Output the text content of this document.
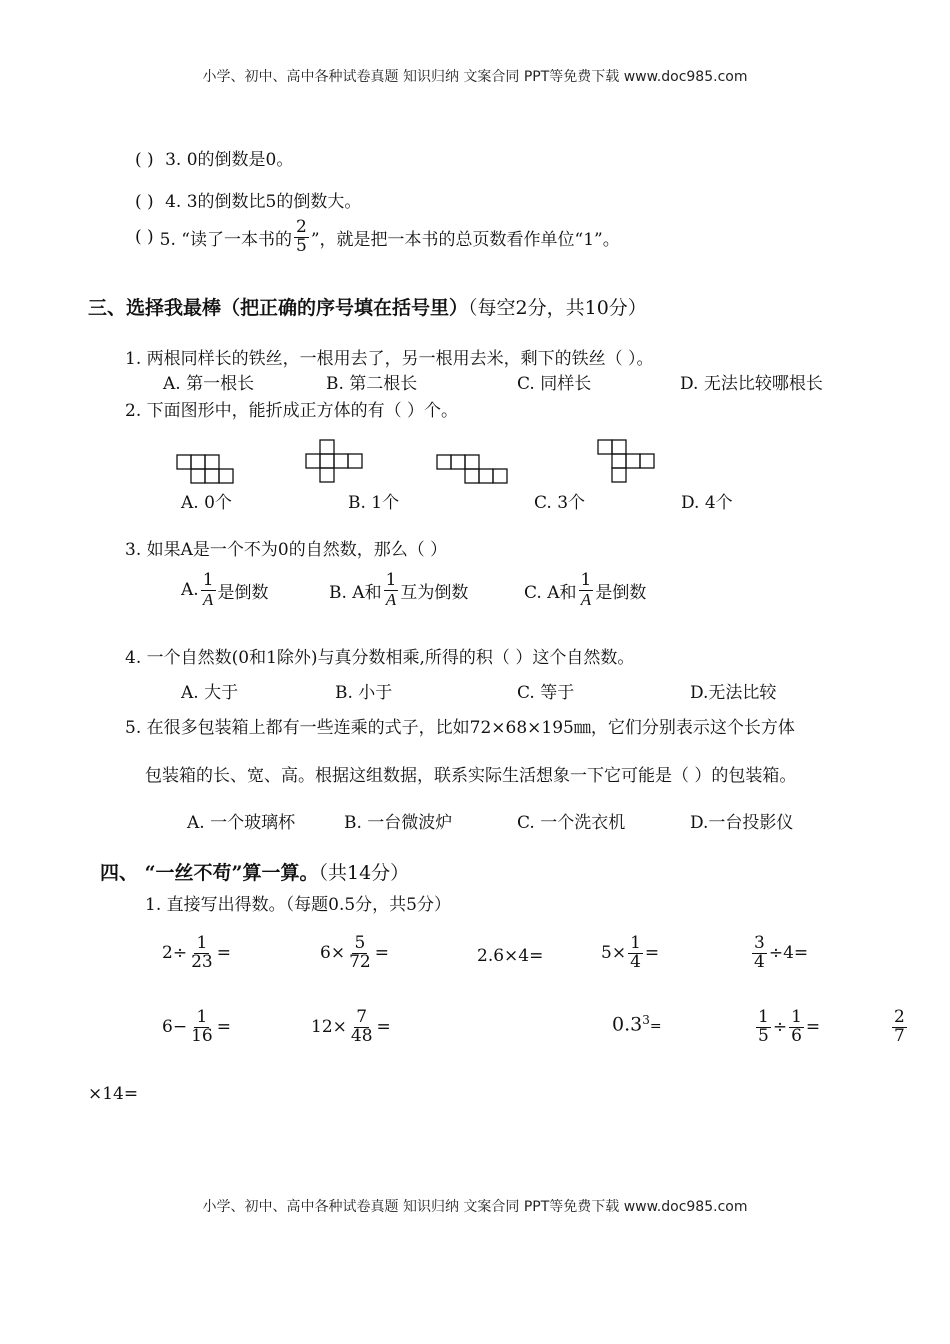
小学、初中、高中各种试卷真题 知识归纳 文案合同 PPT等免费下载 www.doc985.com
( ) 3. 0的倒数是0。
( ) 4. 3的倒数比5的倒数大。
( ) 5. “读了一本书的 $\frac{2}{5}$ ”，就是把一本书的总页数看作单位“1”。
三、选择我最棒（把正确的序号填在括号里）（每空2分，共10分）
1. 两根同样长的铁丝，一根用去了，另一根用去米，剩下的铁丝（ ）。
A. 第一根长	B. 第二根长	C. 同样长	D. 无法比较哪根长
2. 下面图形中，能折成正方体的有（ ）个。
A. 0个	B. 1个	C. 3个	D. 4个
3. 如果A是一个不为0的自然数，那么（ ）
A. $\frac{1}{A}$ 是倒数	B. A和 $\frac{1}{A}$ 互为倒数	C. A和 $\frac{1}{A}$ 是倒数
4. 一个自然数(0和1除外)与真分数相乘,所得的积（ ）这个自然数。
A. 大于	B. 小于	C. 等于	D.无法比较
5. 在很多包装箱上都有一些连乘的式子，比如72×68×195㎜，它们分别表示这个长方体
包装箱的长、宽、高。根据这组数据，联系实际生活想象一下它可能是（ ）的包装箱。
A. 一个玻璃杯	B. 一台微波炉	C. 一个洗衣机	D.一台投影仪
四、 “一丝不苟”算一算。（共14分）
1. 直接写出得数。（每题0.5分，共5分）
$2\div \frac{1}{23}$ =	$6\times \frac{5}{72}$ =	2.6×4=	$5\times \frac{1}{4}$ =	$\frac{3}{4} \div 4=$
$6- \frac{1}{16}$ =	$12\times \frac{7}{48}$ =	$0.3^3=$	$\frac{1}{5} \div \frac{1}{6}$ =	$\frac{2}{7}$
×14=
小学、初中、高中各种试卷真题 知识归纳 文案合同 PPT等免费下载 www.doc985.com
